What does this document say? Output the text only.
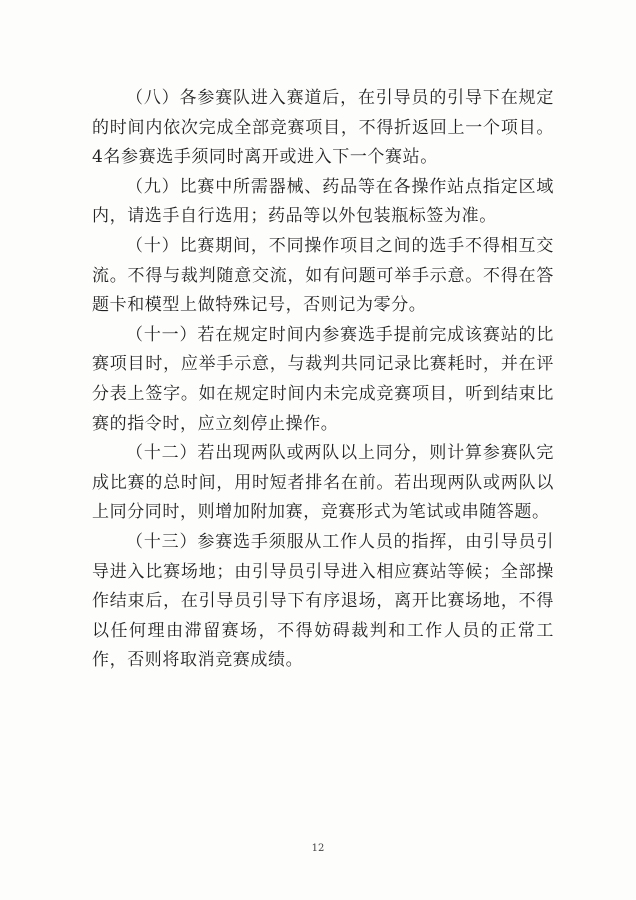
（八）各参赛队进入赛道后，在引导员的引导下在规定的时间内依次完成全部竞赛项目，不得折返回上一个项目。4名参赛选手须同时离开或进入下一个赛站。

（九）比赛中所需器械、药品等在各操作站点指定区域内，请选手自行选用；药品等以外包装瓶标签为准。

（十）比赛期间，不同操作项目之间的选手不得相互交流。不得与裁判随意交流，如有问题可举手示意。不得在答题卡和模型上做特殊记号，否则记为零分。

（十一）若在规定时间内参赛选手提前完成该赛站的比赛项目时，应举手示意，与裁判共同记录比赛耗时，并在评分表上签字。如在规定时间内未完成竞赛项目，听到结束比赛的指令时，应立刻停止操作。

（十二）若出现两队或两队以上同分，则计算参赛队完成比赛的总时间，用时短者排名在前。若出现两队或两队以上同分同时，则增加附加赛，竞赛形式为笔试或串随答题。

（十三）参赛选手须服从工作人员的指挥，由引导员引导进入比赛场地；由引导员引导进入相应赛站等候；全部操作结束后，在引导员引导下有序退场，离开比赛场地，不得以任何理由滞留赛场，不得妨碍裁判和工作人员的正常工作，否则将取消竞赛成绩。

12
